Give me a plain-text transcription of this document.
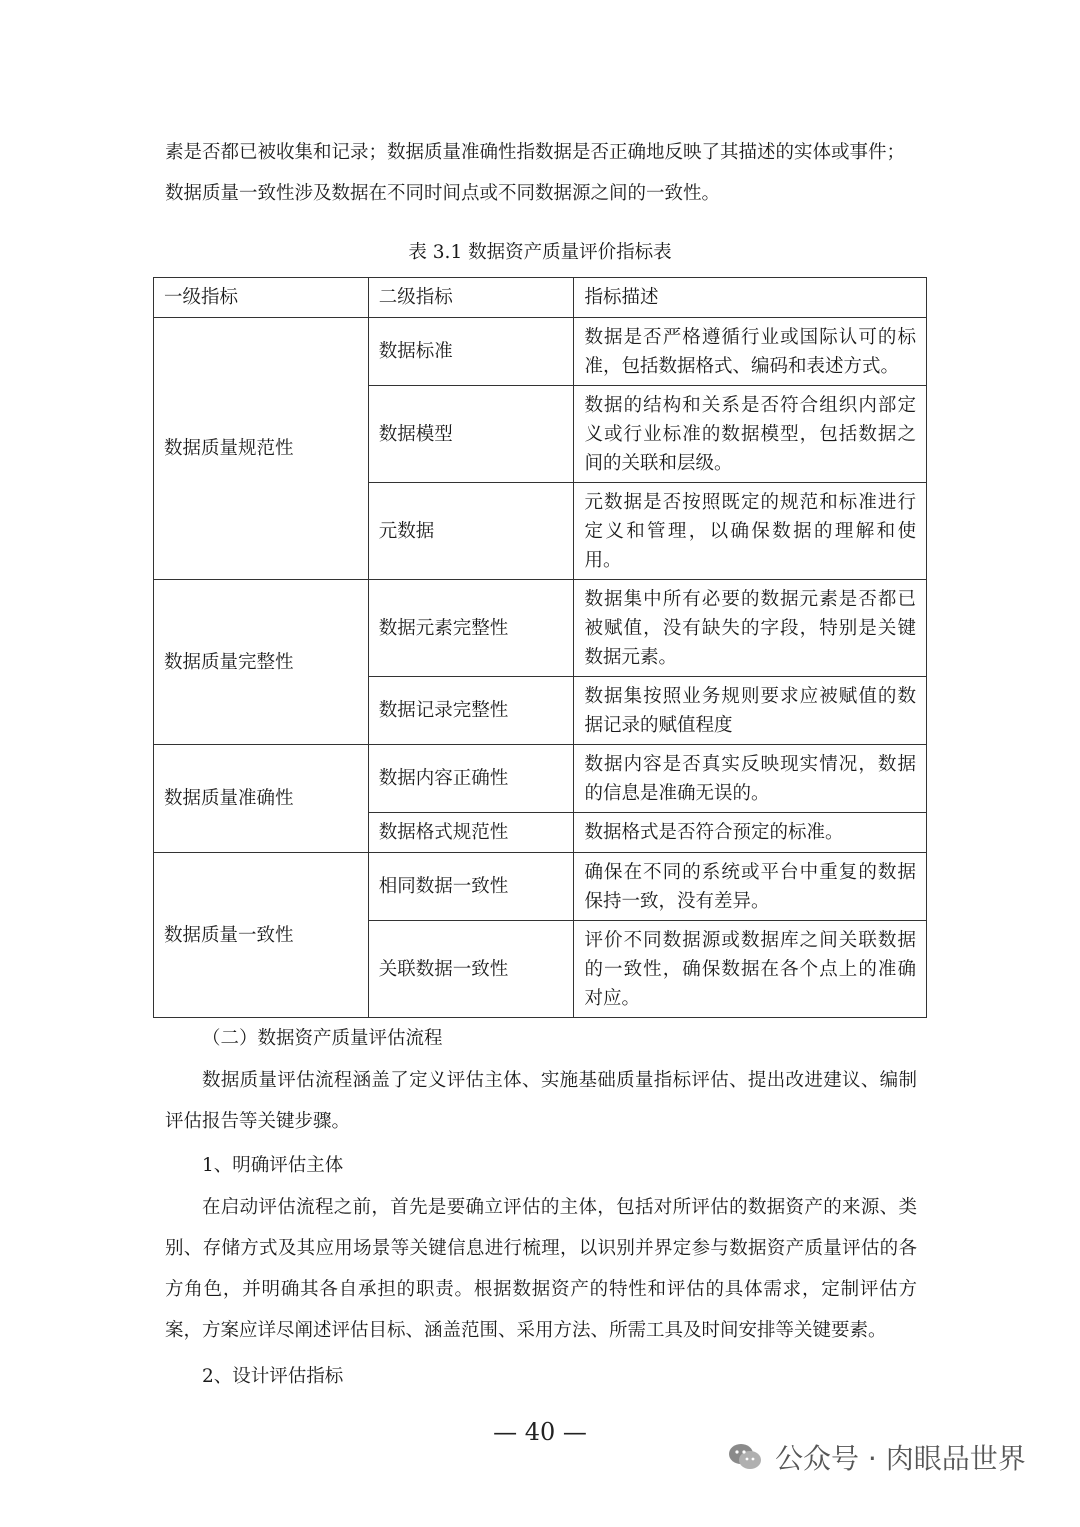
素是否都已被收集和记录；数据质量准确性指数据是否正确地反映了其描述的实体或事件；

数据质量一致性涉及数据在不同时间点或不同数据源之间的一致性。

表 3.1 数据资产质量评价指标表
一级指标	二级指标	指标描述
数据质量规范性	数据标准	数据是否严格遵循行业或国际认可的标准，包括数据格式、编码和表述方式。
	数据模型	数据的结构和关系是否符合组织内部定义或行业标准的数据模型，包括数据之间的关联和层级。
	元数据	元数据是否按照既定的规范和标准进行定义和管理，以确保数据的理解和使用。
数据质量完整性	数据元素完整性	数据集中所有必要的数据元素是否都已被赋值，没有缺失的字段，特别是关键数据元素。
	数据记录完整性	数据集按照业务规则要求应被赋值的数据记录的赋值程度
数据质量准确性	数据内容正确性	数据内容是否真实反映现实情况，数据的信息是准确无误的。
	数据格式规范性	数据格式是否符合预定的标准。
数据质量一致性	相同数据一致性	确保在不同的系统或平台中重复的数据保持一致，没有差异。
	关联数据一致性	评价不同数据源或数据库之间关联数据的一致性，确保数据在各个点上的准确对应。

（二）数据资产质量评估流程

数据质量评估流程涵盖了定义评估主体、实施基础质量指标评估、提出改进建议、编制评估报告等关键步骤。

1、明确评估主体

在启动评估流程之前，首先是要确立评估的主体，包括对所评估的数据资产的来源、类别、存储方式及其应用场景等关键信息进行梳理，以识别并界定参与数据资产质量评估的各方角色，并明确其各自承担的职责。根据数据资产的特性和评估的具体需求，定制评估方案，方案应详尽阐述评估目标、涵盖范围、采用方法、所需工具及时间安排等关键要素。

2、设计评估指标

— 40 —
公众号 · 肉眼品世界
